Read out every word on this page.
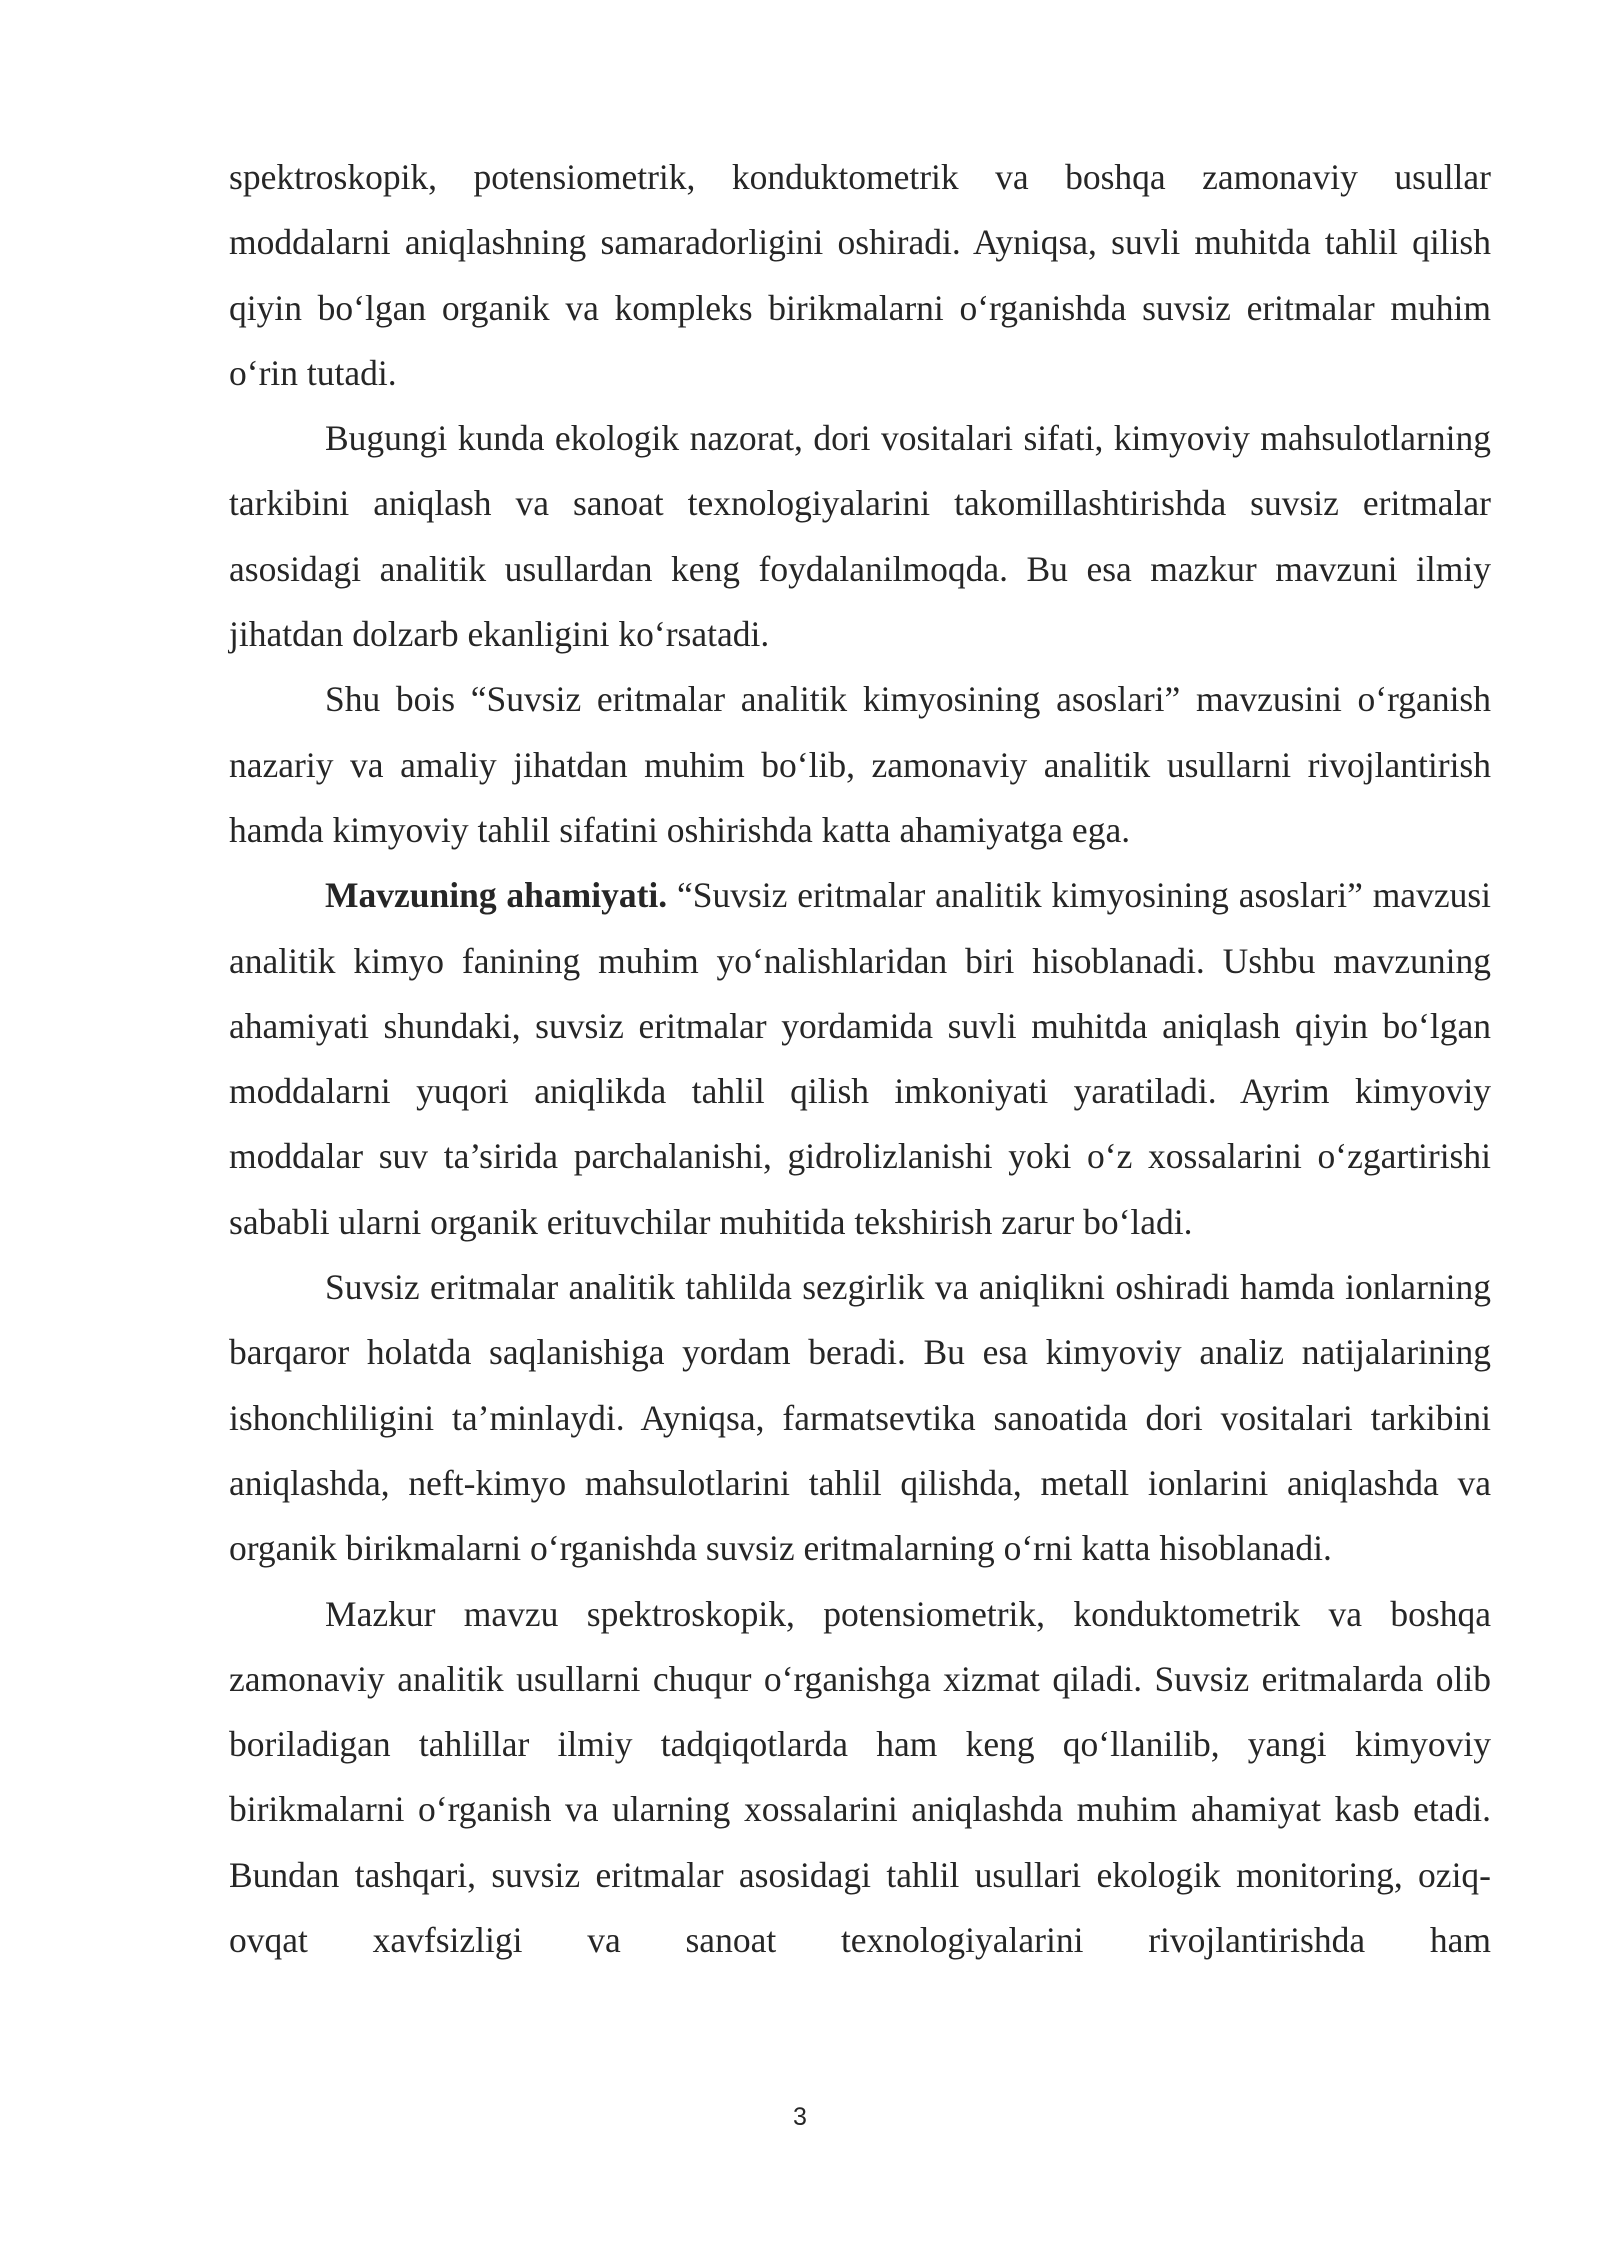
spektroskopik, potensiometrik, konduktometrik va boshqa zamonaviy usullar moddalarni aniqlashning samaradorligini oshiradi. Ayniqsa, suvli muhitda tahlil qilish qiyin boʻlgan organik va kompleks birikmalarni oʻrganishda suvsiz eritmalar muhim oʻrin tutadi.

Bugungi kunda ekologik nazorat, dori vositalari sifati, kimyoviy mahsulotlarning tarkibini aniqlash va sanoat texnologiyalarini takomillashtirishda suvsiz eritmalar asosidagi analitik usullardan keng foydalanilmoqda. Bu esa mazkur mavzuni ilmiy jihatdan dolzarb ekanligini koʻrsatadi.

Shu bois “Suvsiz eritmalar analitik kimyosining asoslari” mavzusini oʻrganish nazariy va amaliy jihatdan muhim boʻlib, zamonaviy analitik usullarni rivojlantirish hamda kimyoviy tahlil sifatini oshirishda katta ahamiyatga ega.

Mavzuning ahamiyati. “Suvsiz eritmalar analitik kimyosining asoslari” mavzusi analitik kimyo fanining muhim yoʻnalishlaridan biri hisoblanadi. Ushbu mavzuning ahamiyati shundaki, suvsiz eritmalar yordamida suvli muhitda aniqlash qiyin boʻlgan moddalarni yuqori aniqlikda tahlil qilish imkoniyati yaratiladi. Ayrim kimyoviy moddalar suv ta’sirida parchalanishi, gidrolizlanishi yoki oʻz xossalarini oʻzgartirishi sababli ularni organik erituvchilar muhitida tekshirish zarur boʻladi.

Suvsiz eritmalar analitik tahlilda sezgirlik va aniqlikni oshiradi hamda ionlarning barqaror holatda saqlanishiga yordam beradi. Bu esa kimyoviy analiz natijalarining ishonchliligini ta’minlaydi. Ayniqsa, farmatsevtika sanoatida dori vositalari tarkibini aniqlashda, neft-kimyo mahsulotlarini tahlil qilishda, metall ionlarini aniqlashda va organik birikmalarni oʻrganishda suvsiz eritmalarning oʻrni katta hisoblanadi.

Mazkur mavzu spektroskopik, potensiometrik, konduktometrik va boshqa zamonaviy analitik usullarni chuqur oʻrganishga xizmat qiladi. Suvsiz eritmalarda olib boriladigan tahlillar ilmiy tadqiqotlarda ham keng qoʻllanilib, yangi kimyoviy birikmalarni oʻrganish va ularning xossalarini aniqlashda muhim ahamiyat kasb etadi. Bundan tashqari, suvsiz eritmalar asosidagi tahlil usullari ekologik monitoring, oziq-ovqat xavfsizligi va sanoat texnologiyalarini rivojlantirishda ham

3
